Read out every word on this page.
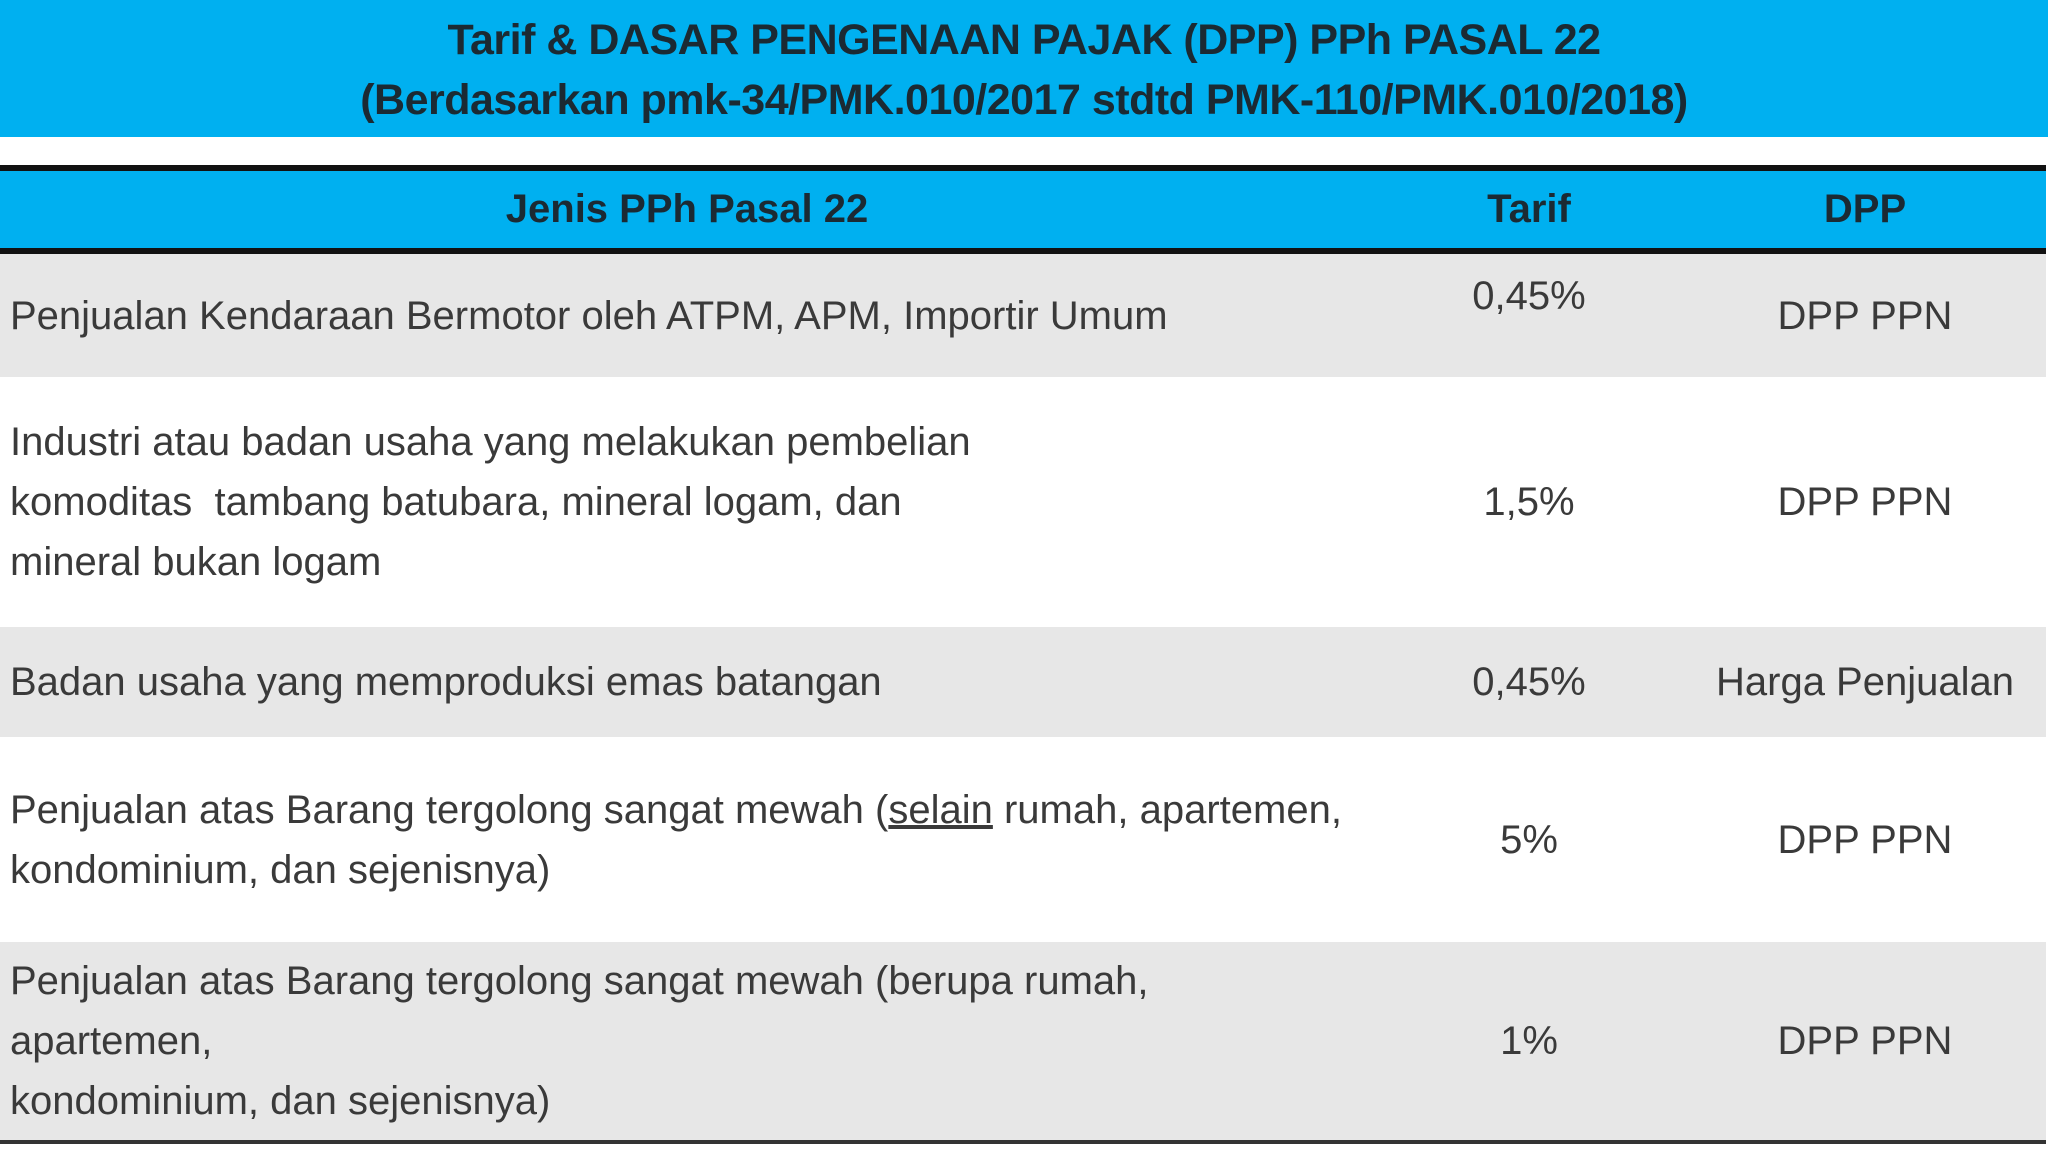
Tarif & DASAR PENGENAAN PAJAK (DPP) PPh PASAL 22
(Berdasarkan pmk-34/PMK.010/2017 stdtd PMK-110/PMK.010/2018)
Jenis PPh Pasal 22	Tarif	DPP
Penjualan Kendaraan Bermotor oleh ATPM, APM, Importir Umum	0,45%	DPP PPN
Industri atau badan usaha yang melakukan pembelian
komoditas  tambang batubara, mineral logam, dan
mineral bukan logam
1,5%	DPP PPN
Badan usaha yang memproduksi emas batangan	0,45%	Harga Penjualan
Penjualan atas Barang tergolong sangat mewah (selain rumah, apartemen,
kondominium, dan sejenisnya)
5%	DPP PPN
Penjualan atas Barang tergolong sangat mewah (berupa rumah, apartemen,
kondominium, dan sejenisnya)
1%	DPP PPN
